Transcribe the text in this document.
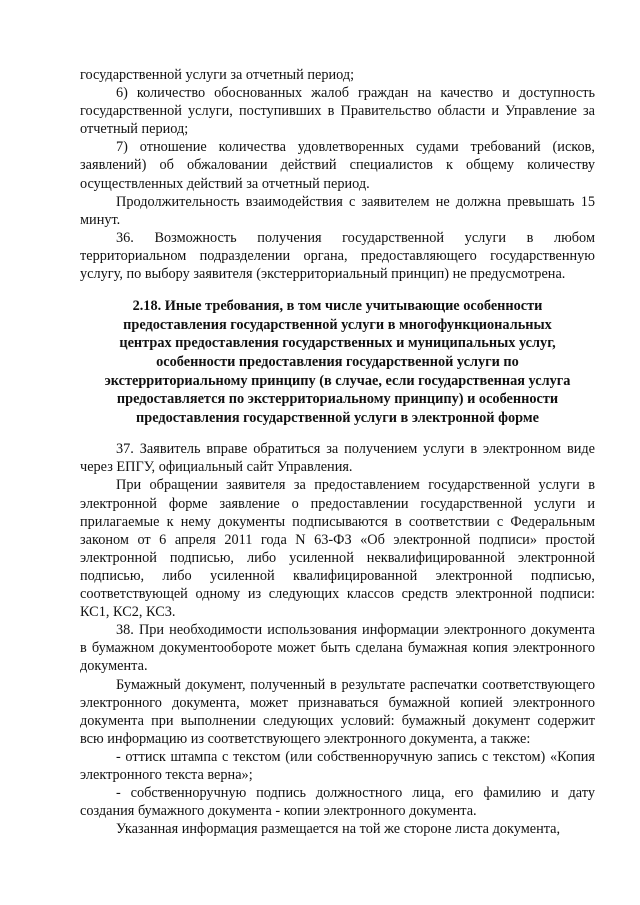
государственной услуги за отчетный период;

6) количество обоснованных жалоб граждан на качество и доступность государственной услуги, поступивших в Правительство области и Управление за отчетный период;

7) отношение количества удовлетворенных судами требований (исков, заявлений) об обжаловании действий специалистов к общему количеству осуществленных действий за отчетный период.

Продолжительность взаимодействия с заявителем не должна превышать 15 минут.

36. Возможность получения государственной услуги в любом территориальном подразделении органа, предоставляющего государственную услугу, по выбору заявителя (экстерриториальный принцип) не предусмотрена.

2.18. Иные требования, в том числе учитывающие особенности
предоставления государственной услуги в многофункциональных
центрах предоставления государственных и муниципальных услуг,
особенности предоставления государственной услуги по
экстерриториальному принципу (в случае, если государственная услуга
предоставляется по экстерриториальному принципу) и особенности
предоставления государственной услуги в электронной форме

37. Заявитель вправе обратиться за получением услуги в электронном виде через ЕПГУ, официальный сайт Управления.

При обращении заявителя за предоставлением государственной услуги в электронной форме заявление о предоставлении государственной услуги и прилагаемые к нему документы подписываются в соответствии с Федеральным законом от 6 апреля 2011 года N 63-ФЗ «Об электронной подписи» простой электронной подписью, либо усиленной неквалифицированной электронной подписью, либо усиленной квалифицированной электронной подписью, соответствующей одному из следующих классов средств электронной подписи: КС1, КС2, КС3.

38. При необходимости использования информации электронного документа в бумажном документообороте может быть сделана бумажная копия электронного документа.

Бумажный документ, полученный в результате распечатки соответствующего электронного документа, может признаваться бумажной копией электронного документа при выполнении следующих условий: бумажный документ содержит всю информацию из соответствующего электронного документа, а также:

- оттиск штампа с текстом (или собственноручную запись с текстом) «Копия электронного текста верна»;

- собственноручную подпись должностного лица, его фамилию и дату создания бумажного документа - копии электронного документа.

Указанная информация размещается на той же стороне листа документа,
